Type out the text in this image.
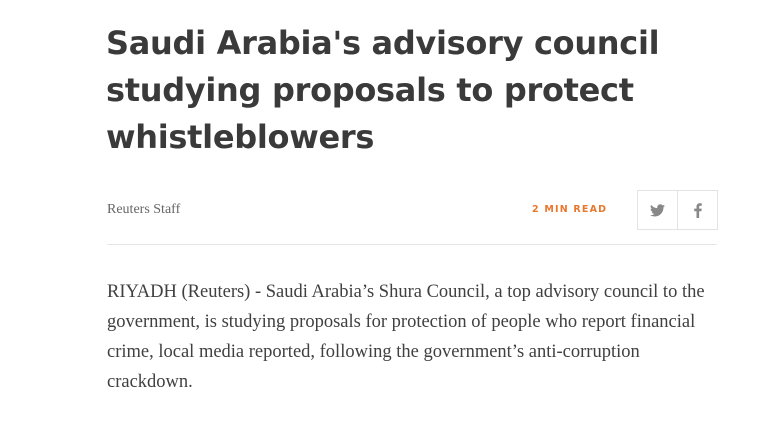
Saudi Arabia's advisory council studying proposals to protect whistleblowers
Reuters Staff	2 MIN READ

RIYADH (Reuters) - Saudi Arabia’s Shura Council, a top advisory council to the government, is studying proposals for protection of people who report financial crime, local media reported, following the government’s anti-corruption crackdown.
